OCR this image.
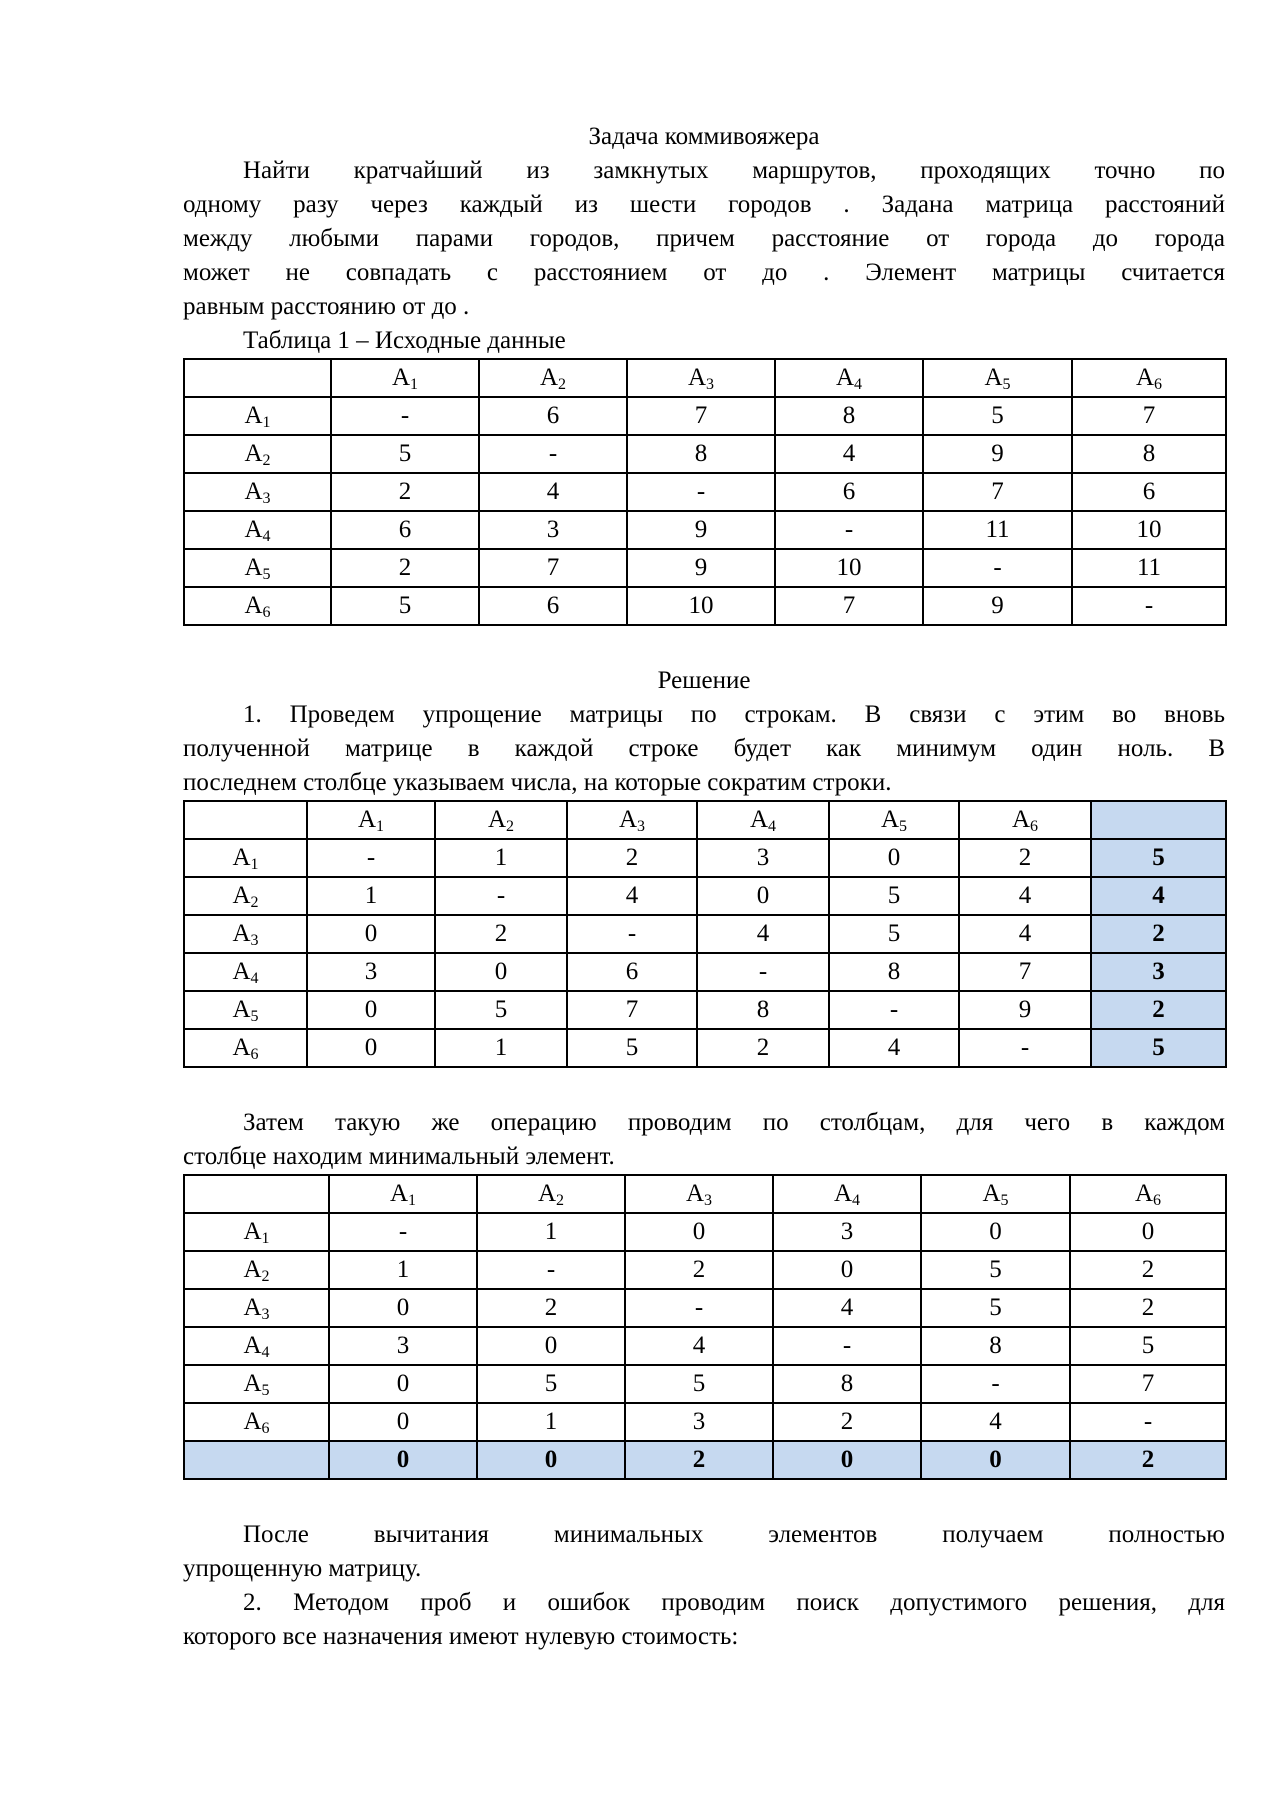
Задача коммивояжера
Найти кратчайший из замкнутых маршрутов, проходящих точно по
одному разу через каждый из шести городов . Задана матрица расстояний
между любыми парами городов, причем расстояние от города до города
может не совпадать с расстоянием от до . Элемент матрицы считается
равным расстоянию от до .
Таблица 1 – Исходные данные
	$A_1$	$A_2$	$A_3$	$A_4$	$A_5$	$A_6$
$A_1$	-	6	7	8	5	7
$A_2$	5	-	8	4	9	8
$A_3$	2	4	-	6	7	6
$A_4$	6	3	9	-	11	10
$A_5$	2	7	9	10	-	11
$A_6$	5	6	10	7	9	-
Решение
1. Проведем упрощение матрицы по строкам. В связи с этим во вновь
полученной матрице в каждой строке будет как минимум один ноль. В
последнем столбце указываем числа, на которые сократим строки.
	$A_1$	$A_2$	$A_3$	$A_4$	$A_5$	$A_6$	
$A_1$	-	1	2	3	0	2	5
$A_2$	1	-	4	0	5	4	4
$A_3$	0	2	-	4	5	4	2
$A_4$	3	0	6	-	8	7	3
$A_5$	0	5	7	8	-	9	2
$A_6$	0	1	5	2	4	-	5
Затем такую же операцию проводим по столбцам, для чего в каждом
столбце находим минимальный элемент.
	$A_1$	$A_2$	$A_3$	$A_4$	$A_5$	$A_6$
$A_1$	-	1	0	3	0	0
$A_2$	1	-	2	0	5	2
$A_3$	0	2	-	4	5	2
$A_4$	3	0	4	-	8	5
$A_5$	0	5	5	8	-	7
$A_6$	0	1	3	2	4	-
	0	0	2	0	0	2
После вычитания минимальных элементов получаем полностью
упрощенную матрицу.
2. Методом проб и ошибок проводим поиск допустимого решения, для
которого все назначения имеют нулевую стоимость:
